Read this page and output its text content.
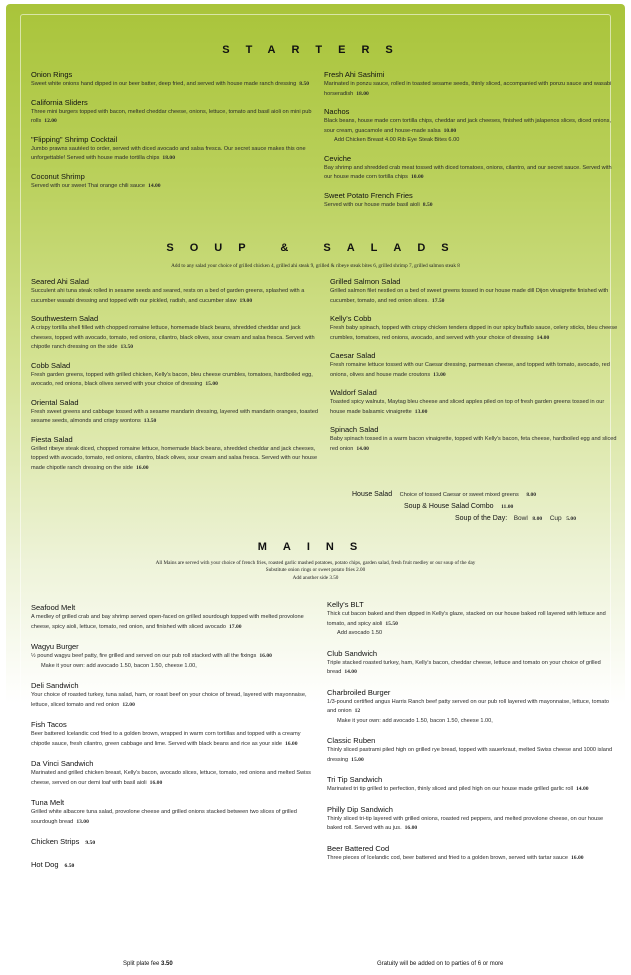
STARTERS
Onion Rings
Sweet white onions hand dipped in our beer batter, deep fried, and served with house made ranch dressing 8.50
California Sliders
Three mini burgers topped with bacon, melted cheddar cheese, onions, lettuce, tomato and basil aioli on mini pub rolls 12.00
"Flipping" Shrimp Cocktail
Jumbo prawns sautéed to order, served with diced avocado and salsa fresca. Our secret sauce makes this one unforgettable! Served with house made tortilla chips 18.00
Coconut Shrimp
Served with our sweet Thai orange chili sauce 14.00
Fresh Ahi Sashimi
Marinated in ponzu sauce, rolled in toasted sesame seeds, thinly sliced, accompanied with ponzu sauce and wasabi horseradish 18.00
Nachos
Black beans, house made corn tortilla chips, cheddar and jack cheeses, finished with jalapenos slices, diced onions, sour cream, guacamole and house-made salsa 10.00
Add Chicken Breast 4.00 Rib Eye Steak Bites 6.00
Ceviche
Bay shrimp and shredded crab meat tossed with diced tomatoes, onions, cilantro, and our secret sauce. Served with our house made corn tortilla chips 10.00
Sweet Potato French Fries
Served with our house made basil aioli 8.50
SOUP & SALADS
Add to any salad your choice of grilled chicken 4, grilled ahi steak 9, grilled & ribeye steak bites 6, grilled shrimp 7, grilled salmon steak 8
Seared Ahi Salad
Succulent ahi tuna steak rolled in sesame seeds and seared, rests on a bed of garden greens, splashed with a cucumber wasabi dressing and topped with our pickled, radish, and cucumber slaw 19.00
Southwestern Salad
A crispy tortilla shell filled with chopped romaine lettuce, homemade black beans, shredded cheddar and jack cheeses, topped with avocado, tomato, red onions, cilantro, black olives, sour cream and salsa fresca. Served with chipotle ranch dressing on the side 13.50
Cobb Salad
Fresh garden greens, topped with grilled chicken, Kelly's bacon, bleu cheese crumbles, tomatoes, hardboiled egg, avocado, red onions, black olives served with your choice of dressing 15.00
Oriental Salad
Fresh sweet greens and cabbage tossed with a sesame mandarin dressing, layered with mandarin oranges, toasted sesame seeds, almonds and crispy wontons 13.50
Fiesta Salad
Grilled ribeye steak diced, chopped romaine lettuce, homemade black beans, shredded cheddar and jack cheeses, topped with avocado, tomato, red onions, cilantro, black olives, sour cream and salsa fresca. Served with our house made chipotle ranch dressing on the side 16.00
Grilled Salmon Salad
Grilled salmon filet nestled on a bed of sweet greens tossed in our house made dill Dijon vinaigrette finished with cucumber, tomato, and red onion slices. 17.50
Kelly's Cobb
Fresh baby spinach, topped with crispy chicken tenders dipped in our spicy buffalo sauce, celery sticks, bleu cheese crumbles, tomatoes, red onions, avocado, and served with your choice of dressing 14.00
Caesar Salad
Fresh romaine lettuce tossed with our Caesar dressing, parmesan cheese, and topped with tomato, avocado, red onions, olives and house made croutons 13.00
Waldorf Salad
Toasted spicy walnuts, Maytag bleu cheese and sliced apples piled on top of fresh garden greens tossed in our house made balsamic vinaigrette 13.00
Spinach Salad
Baby spinach tossed in a warm bacon vinaigrette, topped with Kelly's bacon, feta cheese, hardboiled egg and sliced red onion 14.00
House Salad Choice of tossed Caesar or sweet mixed greens 8.00
Soup & House Salad Combo 11.00
Soup of the Day: Bowl 8.00 Cup 5.00
MAINS
All Mains are served with your choice of french fries, roasted garlic mashed potatoes, potato chips, garden salad, fresh fruit medley or our soup of the day
Substitute onion rings or sweet potato fries 2.00
Add another side 3.50
Seafood Melt
A medley of grilled crab and bay shrimp served open-faced on grilled sourdough topped with melted provolone cheese, spicy aioli, lettuce, tomato, red onion, and finished with sliced avocado 17.00
Wagyu Burger
½ pound wagyu beef patty, fire grilled and served on our pub roll stacked with all the fixings 16.00
Make it your own: add avocado 1.50, bacon 1.50, cheese 1.00,
Deli Sandwich
Your choice of roasted turkey, tuna salad, ham, or roast beef on your choice of bread, layered with mayonnaise, lettuce, sliced tomato and red onion 12.00
Fish Tacos
Beer battered Icelandic cod fried to a golden brown, wrapped in warm corn tortillas and topped with a creamy chipotle sauce, fresh cilantro, green cabbage and lime. Served with black beans and rice as your side 16.00
Da Vinci Sandwich
Marinated and grilled chicken breast, Kelly's bacon, avocado slices, lettuce, tomato, red onions and melted Swiss cheese, served on our demi loaf with basil aioli 16.00
Tuna Melt
Grilled white albacore tuna salad, provolone cheese and grilled onions stacked between two slices of grilled sourdough bread 13.00
Chicken Strips 9.50
Hot Dog 6.50
Kelly's BLT
Thick cut bacon baked and then dipped in Kelly's glaze, stacked on our house baked roll layered with lettuce and tomato, and spicy aioli 15.50
Add avocado 1.50
Club Sandwich
Triple stacked roasted turkey, ham, Kelly's bacon, cheddar cheese, lettuce and tomato on your choice of grilled bread 14.00
Charbroiled Burger
1/3-pound certified angus Harris Ranch beef patty served on our pub roll layered with mayonnaise, lettuce, tomato and onion 12
Make it your own: add avocado 1.50, bacon 1.50, cheese 1.00,
Classic Ruben
Thinly sliced pastrami piled high on grilled rye bread, topped with sauerkraut, melted Swiss cheese and 1000 island dressing 15.00
Tri Tip Sandwich
Marinated tri tip grilled to perfection, thinly sliced and piled high on our house made grilled garlic roll 14.00
Philly Dip Sandwich
Thinly sliced tri-tip layered with grilled onions, roasted red peppers, and melted provolone cheese, on our house baked roll. Served with au jus. 16.00
Beer Battered Cod
Three pieces of Icelandic cod, beer battered and fried to a golden brown, served with tartar sauce 16.00
Split plate fee 3.50	Gratuity will be added on to parties of 6 or more
